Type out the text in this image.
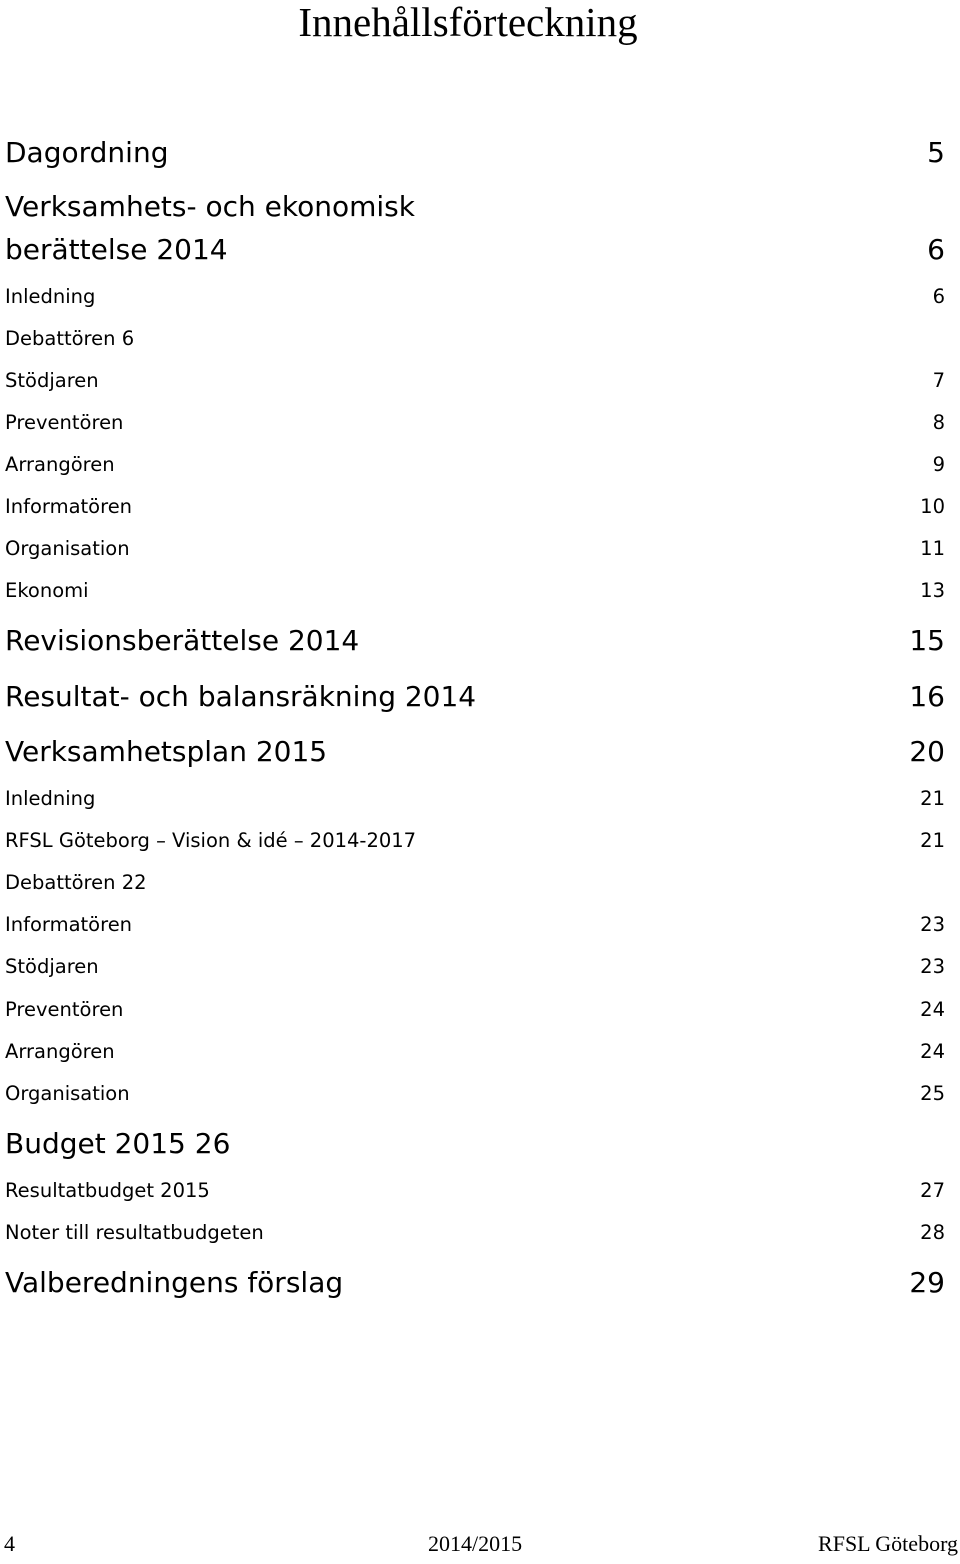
Innehållsförteckning
Dagordning	5
Verksamhets- och ekonomisk
berättelse 2014	6
Inledning	6
Debattören 6
Stödjaren	7
Preventören	8
Arrangören	9
Informatören	10
Organisation	11
Ekonomi	13
Revisionsberättelse 2014	15
Resultat- och balansräkning 2014	16
Verksamhetsplan 2015	20
Inledning	21
RFSL Göteborg – Vision & idé – 2014-2017	21
Debattören 22
Informatören	23
Stödjaren	23
Preventören	24
Arrangören	24
Organisation	25
Budget 2015 26
Resultatbudget 2015	27
Noter till resultatbudgeten	28
Valberedningens förslag	29
4	2014/2015	RFSL Göteborg
